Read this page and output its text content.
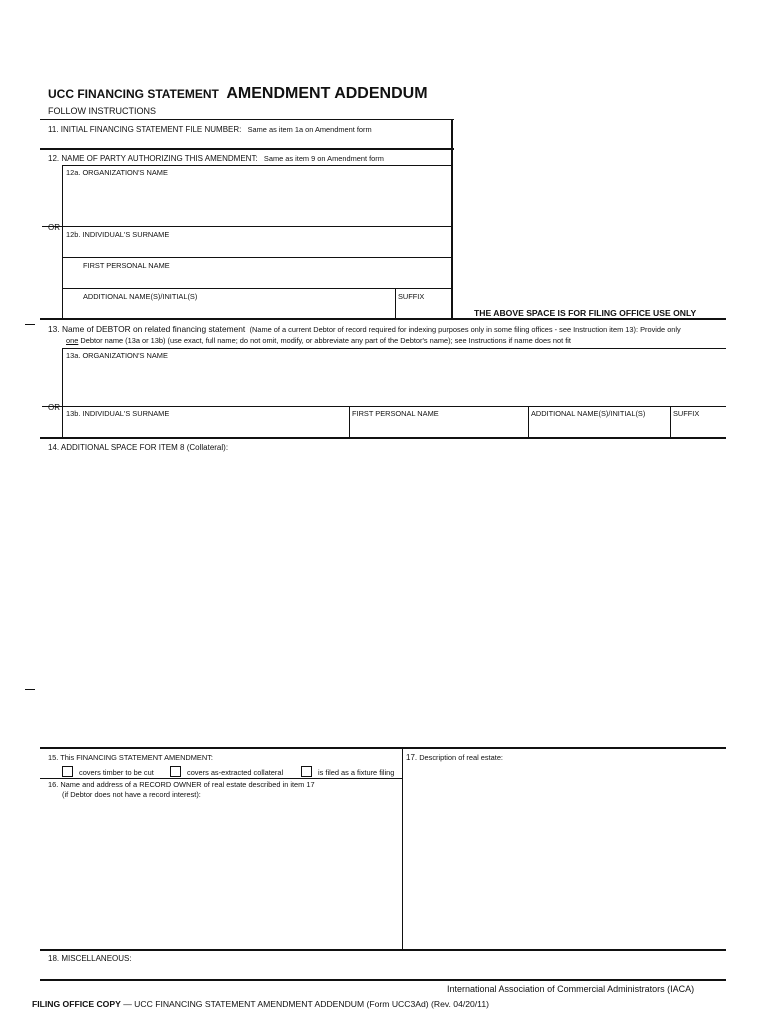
UCC FINANCING STATEMENT AMENDMENT ADDENDUM
FOLLOW INSTRUCTIONS
11. INITIAL FINANCING STATEMENT FILE NUMBER: Same as item 1a on Amendment form
12. NAME OF PARTY AUTHORIZING THIS AMENDMENT: Same as item 9 on Amendment form
12a. ORGANIZATION'S NAME
OR
12b. INDIVIDUAL'S SURNAME
FIRST PERSONAL NAME
ADDITIONAL NAME(S)/INITIAL(S)	SUFFIX
THE ABOVE SPACE IS FOR FILING OFFICE USE ONLY
13. Name of DEBTOR on related financing statement (Name of a current Debtor of record required for indexing purposes only in some filing offices - see Instruction item 13): Provide only
one Debtor name (13a or 13b) (use exact, full name; do not omit, modify, or abbreviate any part of the Debtor's name); see Instructions if name does not fit
13a. ORGANIZATION'S NAME
OR
13b. INDIVIDUAL'S SURNAME	FIRST PERSONAL NAME	ADDITIONAL NAME(S)/INITIAL(S)	SUFFIX
14. ADDITIONAL SPACE FOR ITEM 8 (Collateral):
15. This FINANCING STATEMENT AMENDMENT:	17. Description of real estate:
covers timber to be cut	covers as-extracted collateral	is filed as a fixture filing
16. Name and address of a RECORD OWNER of real estate described in item 17
(if Debtor does not have a record interest):
18. MISCELLANEOUS:
International Association of Commercial Administrators (IACA)
FILING OFFICE COPY — UCC FINANCING STATEMENT AMENDMENT ADDENDUM (Form UCC3Ad) (Rev. 04/20/11)
